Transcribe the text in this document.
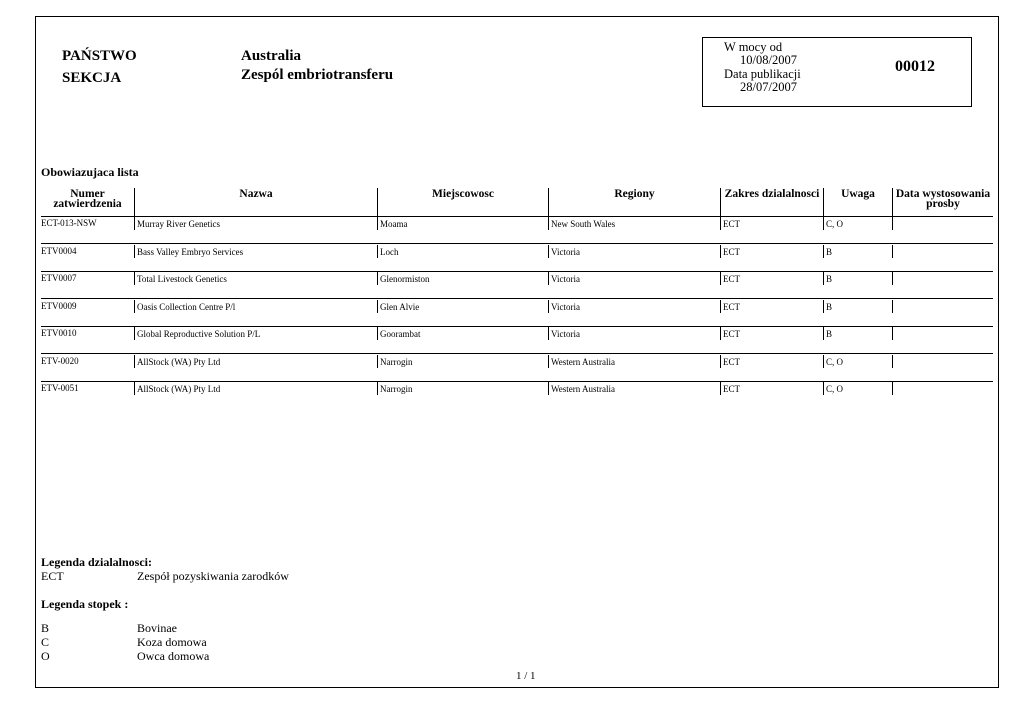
PAŃSTWO
SEKCJA
Australia
Zespól embriotransferu
W mocy od
10/08/2007
Data publikacji
28/07/2007
00012
Obowiazujaca lista
Numer
zatwierdzenia
Nazwa	Miejscowosc	Regiony	Zakres dzialalnosci	Uwaga	Data wystosowania
prosby
ECT-013-NSW	Murray River Genetics	Moama	New South Wales	ECT	C, O
ETV0004	Bass Valley Embryo Services	Loch	Victoria	ECT	B
ETV0007	Total Livestock Genetics	Glenormiston	Victoria	ECT	B
ETV0009	Oasis Collection Centre P/l	Glen Alvie	Victoria	ECT	B
ETV0010	Global Reproductive Solution P/L	Goorambat	Victoria	ECT	B
ETV-0020	AllStock (WA) Pty Ltd	Narrogin	Western Australia	ECT	C, O
ETV-0051	AllStock (WA) Pty Ltd	Narrogin	Western Australia	ECT	C, O
Legenda dzialalnosci:
ECT	Zespół pozyskiwania zarodków
Legenda stopek :
B	Bovinae
C	Koza domowa
O	Owca domowa
1 / 1
